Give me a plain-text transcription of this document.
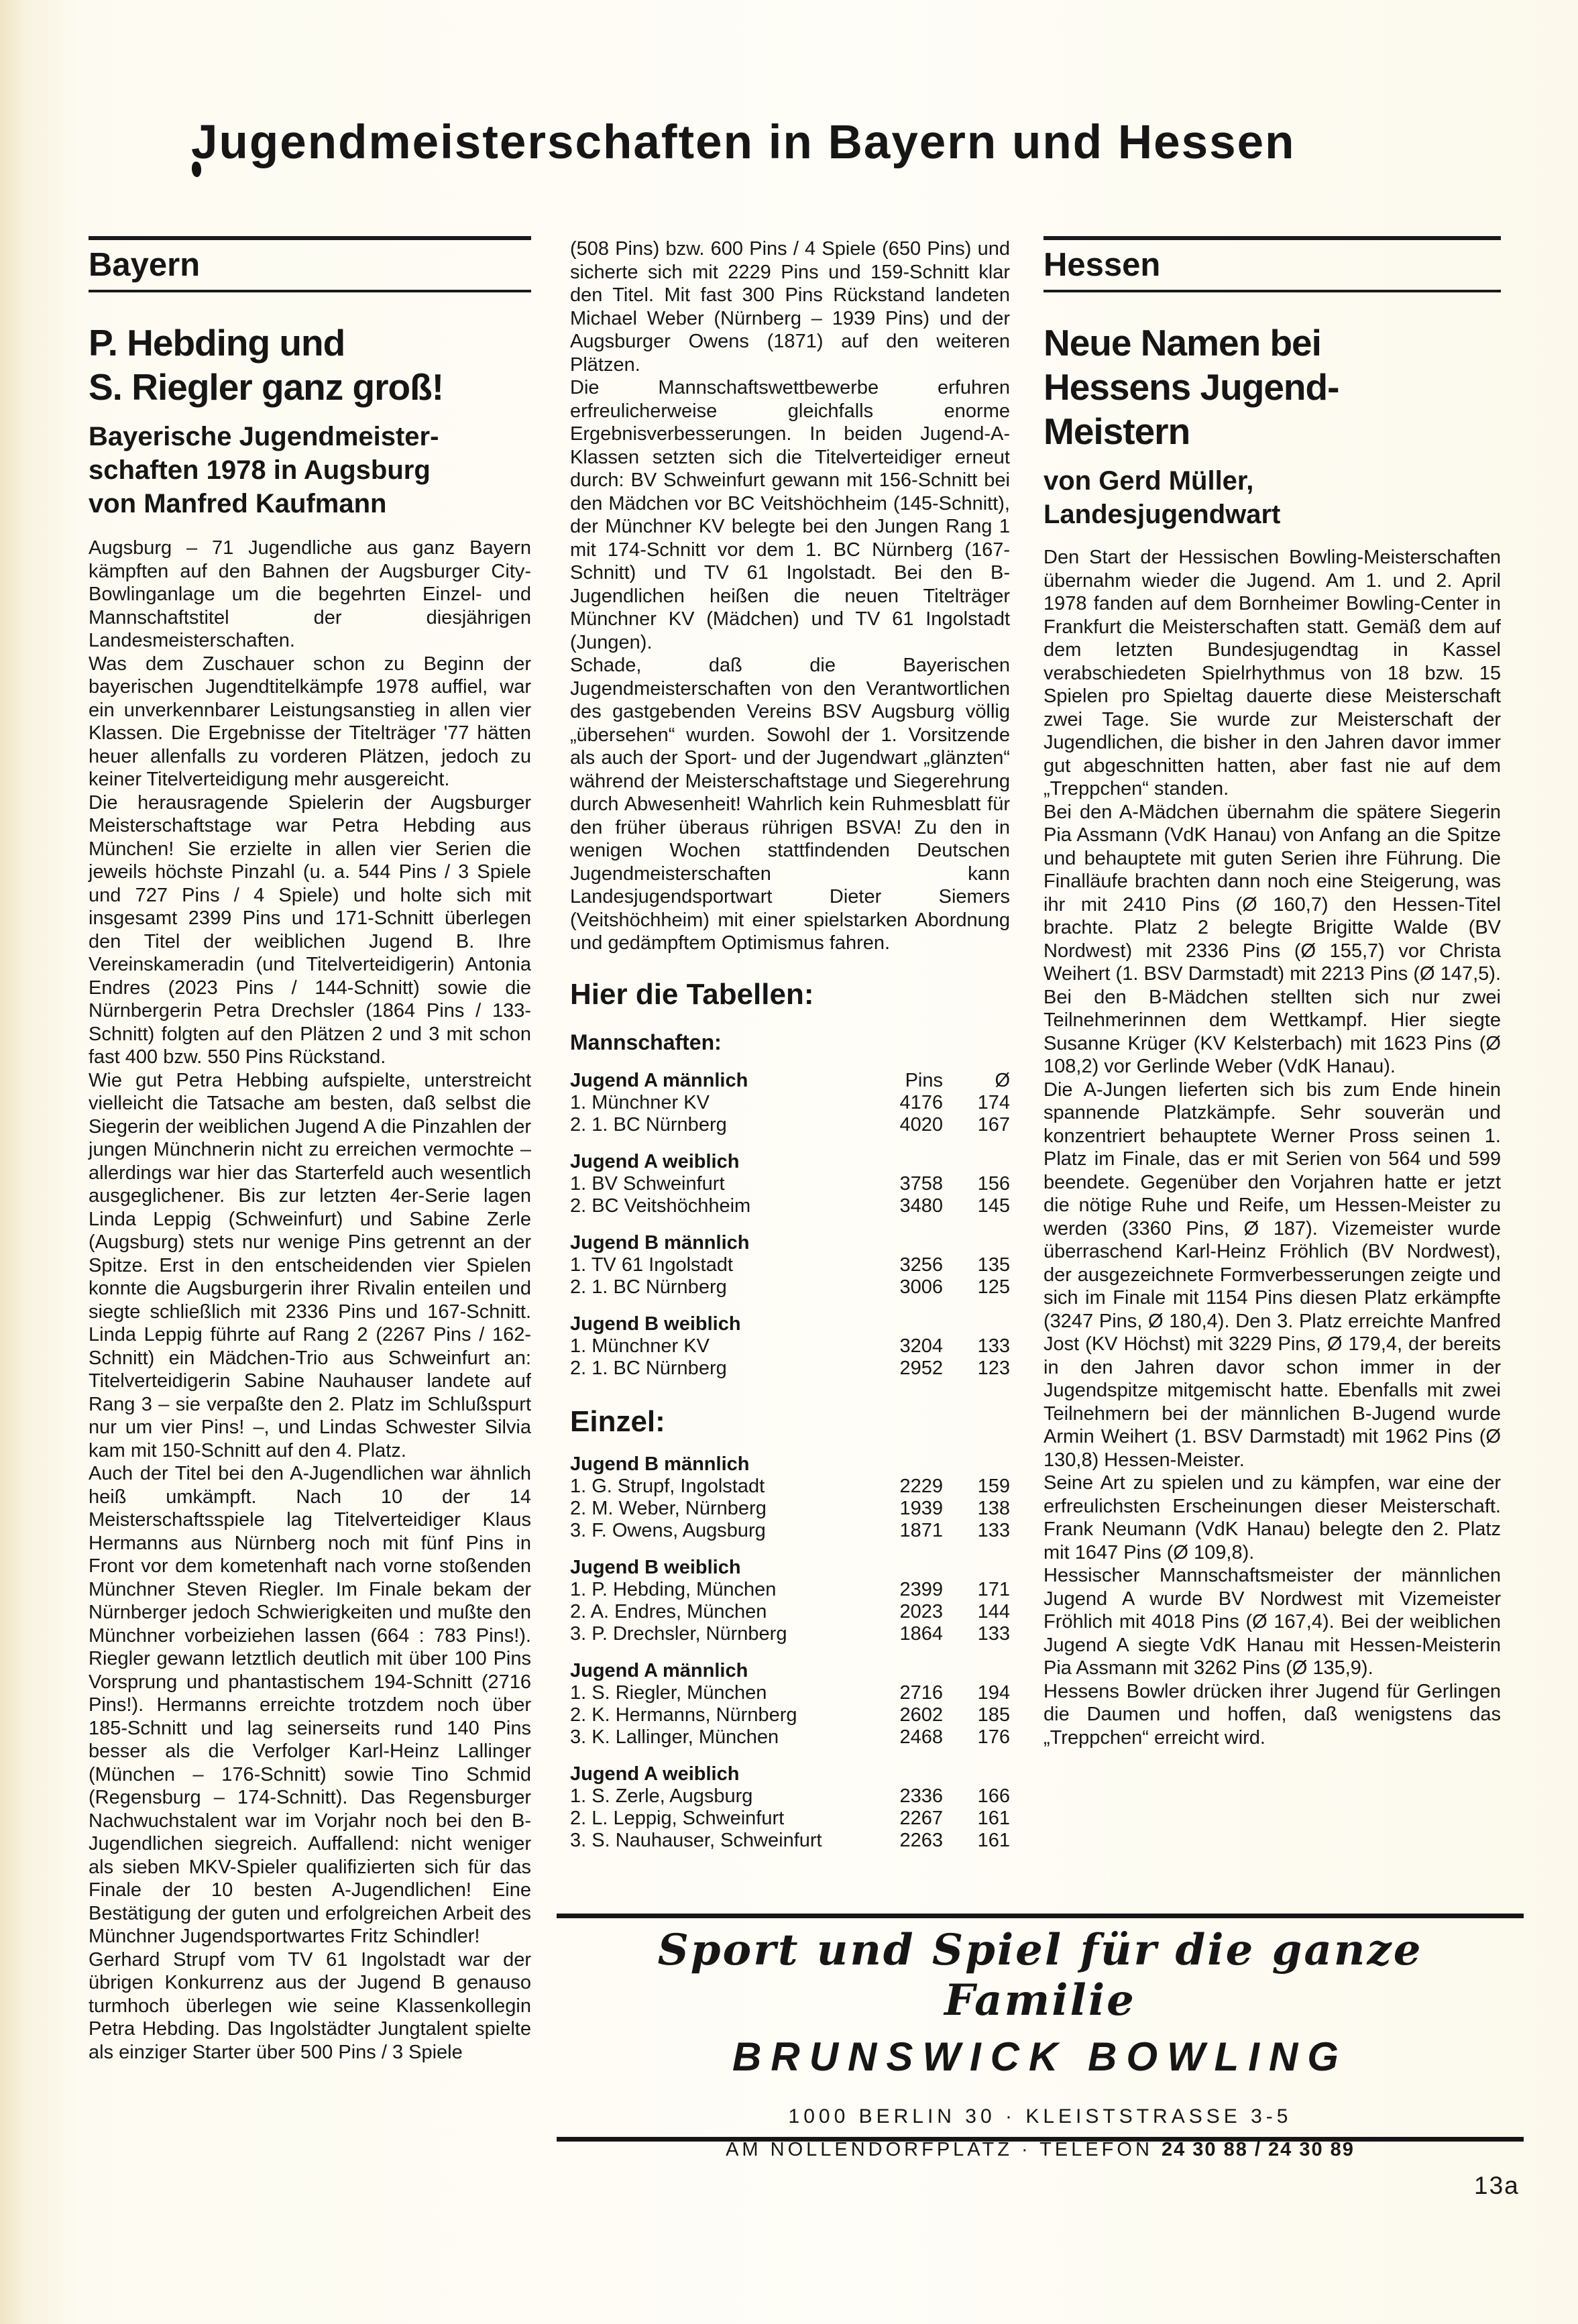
Jugendmeisterschaften in Bayern und Hessen
Bayern
P. Hebding und
S. Riegler ganz groß!
Bayerische Jugendmeister-
schaften 1978 in Augsburg
von Manfred Kaufmann

Augsburg – 71 Jugendliche aus ganz Bayern kämpften auf den Bahnen der Augsburger City-Bowlinganlage um die begehrten Einzel- und Mannschaftstitel der diesjährigen Landesmeisterschaften.

Was dem Zuschauer schon zu Beginn der bayerischen Jugendtitelkämpfe 1978 auffiel, war ein unverkennbarer Leistungsanstieg in allen vier Klassen. Die Ergebnisse der Titelträger '77 hätten heuer allenfalls zu vorderen Plätzen, jedoch zu keiner Titelverteidigung mehr ausgereicht.

Die herausragende Spielerin der Augsburger Meisterschaftstage war Petra Hebding aus München! Sie erzielte in allen vier Serien die jeweils höchste Pinzahl (u. a. 544 Pins / 3 Spiele und 727 Pins / 4 Spiele) und holte sich mit insgesamt 2399 Pins und 171-Schnitt überlegen den Titel der weiblichen Jugend B. Ihre Vereinskameradin (und Titelverteidigerin) Antonia Endres (2023 Pins / 144-Schnitt) sowie die Nürnbergerin Petra Drechsler (1864 Pins / 133-Schnitt) folgten auf den Plätzen 2 und 3 mit schon fast 400 bzw. 550 Pins Rückstand.

Wie gut Petra Hebbing aufspielte, unterstreicht vielleicht die Tatsache am besten, daß selbst die Siegerin der weiblichen Jugend A die Pinzahlen der jungen Münchnerin nicht zu erreichen vermochte – allerdings war hier das Starterfeld auch wesentlich ausgeglichener. Bis zur letzten 4er-Serie lagen Linda Leppig (Schweinfurt) und Sabine Zerle (Augsburg) stets nur wenige Pins getrennt an der Spitze. Erst in den entscheidenden vier Spielen konnte die Augsburgerin ihrer Rivalin enteilen und siegte schließlich mit 2336 Pins und 167-Schnitt. Linda Leppig führte auf Rang 2 (2267 Pins / 162-Schnitt) ein Mädchen-Trio aus Schweinfurt an: Titelverteidigerin Sabine Nauhauser landete auf Rang 3 – sie verpaßte den 2. Platz im Schlußspurt nur um vier Pins! –, und Lindas Schwester Silvia kam mit 150-Schnitt auf den 4. Platz.

Auch der Titel bei den A-Jugendlichen war ähnlich heiß umkämpft. Nach 10 der 14 Meisterschaftsspiele lag Titelverteidiger Klaus Hermanns aus Nürnberg noch mit fünf Pins in Front vor dem kometenhaft nach vorne stoßenden Münchner Steven Riegler. Im Finale bekam der Nürnberger jedoch Schwierigkeiten und mußte den Münchner vorbeiziehen lassen (664 : 783 Pins!). Riegler gewann letztlich deutlich mit über 100 Pins Vorsprung und phantastischem 194-Schnitt (2716 Pins!). Hermanns erreichte trotzdem noch über 185-Schnitt und lag seinerseits rund 140 Pins besser als die Verfolger Karl-Heinz Lallinger (München – 176-Schnitt) sowie Tino Schmid (Regensburg – 174-Schnitt). Das Regensburger Nachwuchstalent war im Vorjahr noch bei den B-Jugendlichen siegreich. Auffallend: nicht weniger als sieben MKV-Spieler qualifizierten sich für das Finale der 10 besten A-Jugendlichen! Eine Bestätigung der guten und erfolgreichen Arbeit des Münchner Jugendsportwartes Fritz Schindler!

Gerhard Strupf vom TV 61 Ingolstadt war der übrigen Konkurrenz aus der Jugend B genauso turmhoch überlegen wie seine Klassenkollegin Petra Hebding. Das Ingolstädter Jungtalent spielte als einziger Starter über 500 Pins / 3 Spiele

(508 Pins) bzw. 600 Pins / 4 Spiele (650 Pins) und sicherte sich mit 2229 Pins und 159-Schnitt klar den Titel. Mit fast 300 Pins Rückstand landeten Michael Weber (Nürnberg – 1939 Pins) und der Augsburger Owens (1871) auf den weiteren Plätzen.

Die Mannschaftswettbewerbe erfuhren erfreulicherweise gleichfalls enorme Ergebnisverbesserungen. In beiden Jugend-A-Klassen setzten sich die Titelverteidiger erneut durch: BV Schweinfurt gewann mit 156-Schnitt bei den Mädchen vor BC Veitshöchheim (145-Schnitt), der Münchner KV belegte bei den Jungen Rang 1 mit 174-Schnitt vor dem 1. BC Nürnberg (167-Schnitt) und TV 61 Ingolstadt. Bei den B-Jugendlichen heißen die neuen Titelträger Münchner KV (Mädchen) und TV 61 Ingolstadt (Jungen).

Schade, daß die Bayerischen Jugendmeisterschaften von den Verantwortlichen des gastgebenden Vereins BSV Augsburg völlig „übersehen“ wurden. Sowohl der 1. Vorsitzende als auch der Sport- und der Jugendwart „glänzten“ während der Meisterschaftstage und Siegerehrung durch Abwesenheit! Wahrlich kein Ruhmesblatt für den früher überaus rührigen BSVA! Zu den in wenigen Wochen stattfindenden Deutschen Jugendmeisterschaften kann Landesjugendsportwart Dieter Siemers (Veitshöchheim) mit einer spielstarken Abordnung und gedämpftem Optimismus fahren.

Hier die Tabellen:
Mannschaften:
Jugend A männlich	Pins	Ø
1. Münchner KV	4176	174
2. 1. BC Nürnberg	4020	167
Jugend A weiblich
1. BV Schweinfurt	3758	156
2. BC Veitshöchheim	3480	145
Jugend B männlich
1. TV 61 Ingolstadt	3256	135
2. 1. BC Nürnberg	3006	125
Jugend B weiblich
1. Münchner KV	3204	133
2. 1. BC Nürnberg	2952	123
Einzel:
Jugend B männlich
1. G. Strupf, Ingolstadt	2229	159
2. M. Weber, Nürnberg	1939	138
3. F. Owens, Augsburg	1871	133
Jugend B weiblich
1. P. Hebding, München	2399	171
2. A. Endres, München	2023	144
3. P. Drechsler, Nürnberg	1864	133
Jugend A männlich
1. S. Riegler, München	2716	194
2. K. Hermanns, Nürnberg	2602	185
3. K. Lallinger, München	2468	176
Jugend A weiblich
1. S. Zerle, Augsburg	2336	166
2. L. Leppig, Schweinfurt	2267	161
3. S. Nauhauser, Schweinfurt	2263	161
Hessen
Neue Namen bei
Hessens Jugend-
Meistern
von Gerd Müller,
Landesjugendwart

Den Start der Hessischen Bowling-Meisterschaften übernahm wieder die Jugend. Am 1. und 2. April 1978 fanden auf dem Bornheimer Bowling-Center in Frankfurt die Meisterschaften statt. Gemäß dem auf dem letzten Bundesjugendtag in Kassel verabschiedeten Spielrhythmus von 18 bzw. 15 Spielen pro Spieltag dauerte diese Meisterschaft zwei Tage. Sie wurde zur Meisterschaft der Jugendlichen, die bisher in den Jahren davor immer gut abgeschnitten hatten, aber fast nie auf dem „Treppchen“ standen.

Bei den A-Mädchen übernahm die spätere Siegerin Pia Assmann (VdK Hanau) von Anfang an die Spitze und behauptete mit guten Serien ihre Führung. Die Finalläufe brachten dann noch eine Steigerung, was ihr mit 2410 Pins (Ø 160,7) den Hessen-Titel brachte. Platz 2 belegte Brigitte Walde (BV Nordwest) mit 2336 Pins (Ø 155,7) vor Christa Weihert (1. BSV Darmstadt) mit 2213 Pins (Ø 147,5). Bei den B-Mädchen stellten sich nur zwei Teilnehmerinnen dem Wettkampf. Hier siegte Susanne Krüger (KV Kelsterbach) mit 1623 Pins (Ø 108,2) vor Gerlinde Weber (VdK Hanau).

Die A-Jungen lieferten sich bis zum Ende hinein spannende Platzkämpfe. Sehr souverän und konzentriert behauptete Werner Pross seinen 1. Platz im Finale, das er mit Serien von 564 und 599 beendete. Gegenüber den Vorjahren hatte er jetzt die nötige Ruhe und Reife, um Hessen-Meister zu werden (3360 Pins, Ø 187). Vizemeister wurde überraschend Karl-Heinz Fröhlich (BV Nordwest), der ausgezeichnete Formverbesserungen zeigte und sich im Finale mit 1154 Pins diesen Platz erkämpfte (3247 Pins, Ø 180,4). Den 3. Platz erreichte Manfred Jost (KV Höchst) mit 3229 Pins, Ø 179,4, der bereits in den Jahren davor schon immer in der Jugendspitze mitgemischt hatte. Ebenfalls mit zwei Teilnehmern bei der männlichen B-Jugend wurde Armin Weihert (1. BSV Darmstadt) mit 1962 Pins (Ø 130,8) Hessen-Meister.

Seine Art zu spielen und zu kämpfen, war eine der erfreulichsten Erscheinungen dieser Meisterschaft. Frank Neumann (VdK Hanau) belegte den 2. Platz mit 1647 Pins (Ø 109,8).

Hessischer Mannschaftsmeister der männlichen Jugend A wurde BV Nordwest mit Vizemeister Fröhlich mit 4018 Pins (Ø 167,4). Bei der weiblichen Jugend A siegte VdK Hanau mit Hessen-Meisterin Pia Assmann mit 3262 Pins (Ø 135,9).

Hessens Bowler drücken ihrer Jugend für Gerlingen die Daumen und hoffen, daß wenigstens das „Treppchen“ erreicht wird.

Sport und Spiel für die ganze Familie
BRUNSWICK BOWLING
1000 BERLIN 30 · KLEISTSTRASSE 3-5
AM NOLLENDORFPLATZ · TELEFON 24 30 88 / 24 30 89
13a
